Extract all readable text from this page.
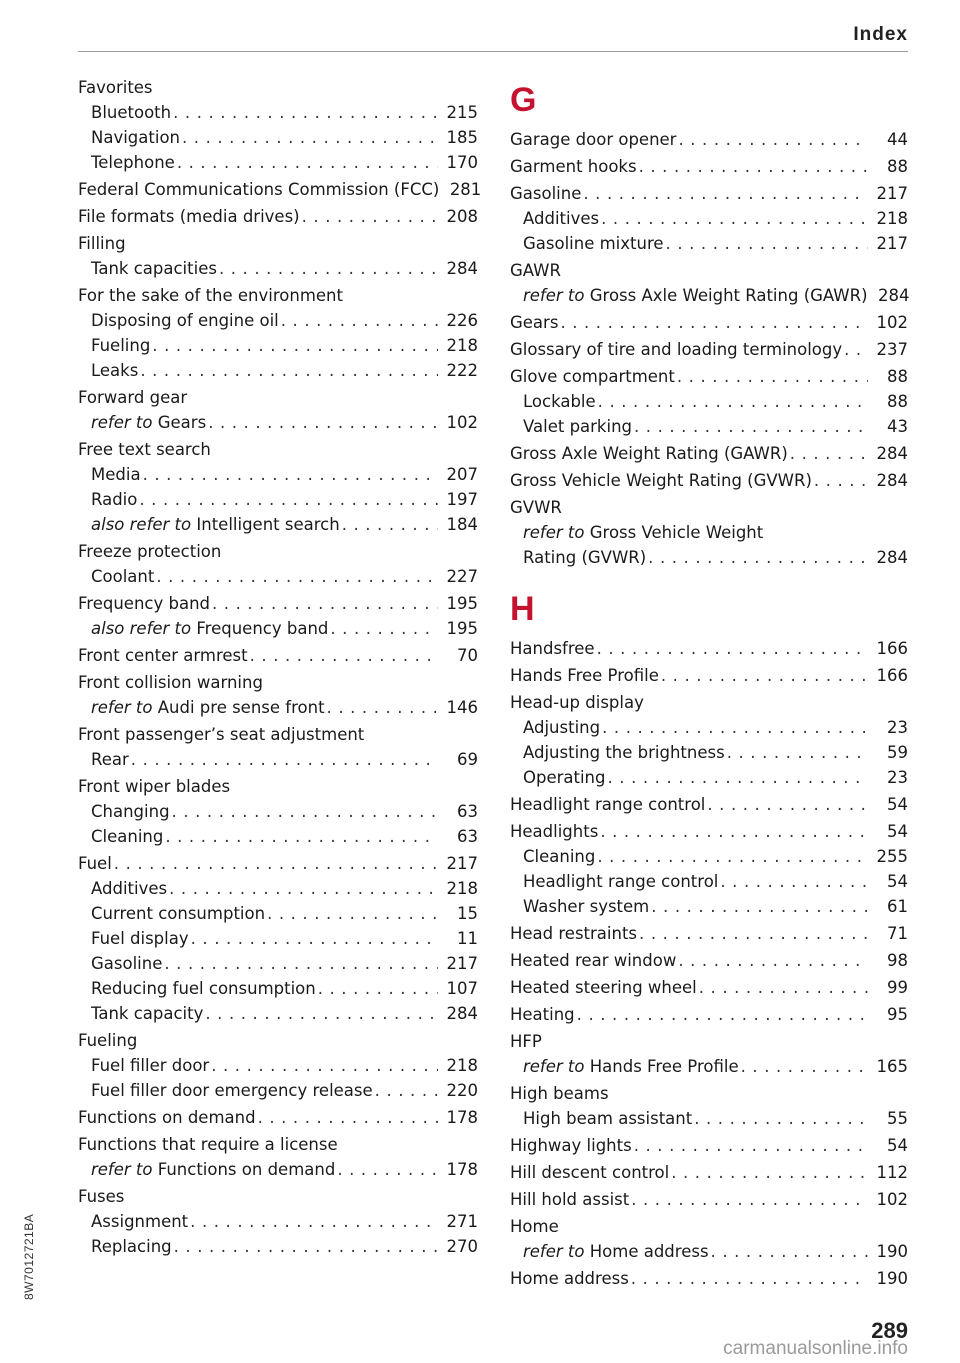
Index
Favorites
Bluetooth . . .	215
Navigation . . .	185
Telephone . . .	170
Federal Communications Commission (FCC) 281
File formats (media drives) . . .	208
Filling
Tank capacities . . .	284
For the sake of the environment
Disposing of engine oil . . .	226
Fueling . . .	218
Leaks . . .	222
Forward gear
refer to Gears . . .	102
Free text search
Media . . .	207
Radio . . .	197
also refer to Intelligent search . . .	184
Freeze protection
Coolant . . .	227
Frequency band . . .	195
also refer to Frequency band . . .	195
Front center armrest . . .	70
Front collision warning
refer to Audi pre sense front . . .	146
Front passenger’s seat adjustment
Rear . . .	69
Front wiper blades
Changing . . .	63
Cleaning . . .	63
Fuel . . .	217
Additives . . .	218
Current consumption . . .	15
Fuel display . . .	11
Gasoline . . .	217
Reducing fuel consumption . . .	107
Tank capacity . . .	284
Fueling
Fuel filler door . . .	218
Fuel filler door emergency release . . .	220
Functions on demand . . .	178
Functions that require a license
refer to Functions on demand . . .	178
Fuses
Assignment . . .	271
Replacing . . .	270
G
Garage door opener . . .	44
Garment hooks . . .	88
Gasoline . . .	217
Additives . . .	218
Gasoline mixture . . .	217
GAWR
refer to Gross Axle Weight Rating (GAWR) 284
Gears . . .	102
Glossary of tire and loading terminology . . . 237
Glove compartment . . .	88
Lockable . . .	88
Valet parking . . .	43
Gross Axle Weight Rating (GAWR) . . .	284
Gross Vehicle Weight Rating (GVWR) . . .	284
GVWR
refer to Gross Vehicle Weight
Rating (GVWR) . . .	284
H
Handsfree . . .	166
Hands Free Profile . . .	166
Head-up display
Adjusting . . .	23
Adjusting the brightness . . .	59
Operating . . .	23
Headlight range control . . .	54
Headlights . . .	54
Cleaning . . .	255
Headlight range control . . .	54
Washer system . . .	61
Head restraints . . .	71
Heated rear window . . .	98
Heated steering wheel . . .	99
Heating . . .	95
HFP
refer to Hands Free Profile . . .	165
High beams
High beam assistant . . .	55
Highway lights . . .	54
Hill descent control . . .	112
Hill hold assist . . .	102
Home
refer to Home address . . .	190
Home address . . .	190
8W7012721BA
289
carmanualsonline.info
